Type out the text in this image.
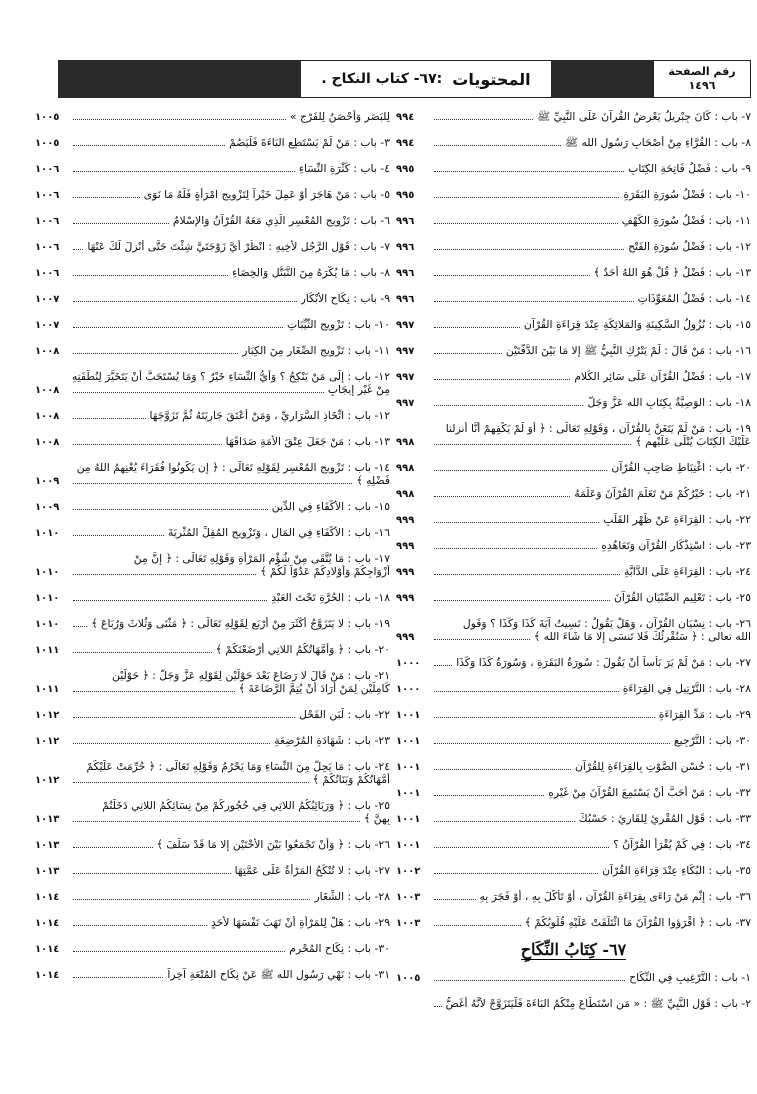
رقم الصفحة
١٤٩٦
المحتويات
:٦٧- كتاب النكاح .
٧- باب : كَانَ جِبْرِيلُ يَعْرِضُ القُرآنَ عَلَى النَّبِيِّ ﷺ
٩٩٤
٨- باب : القُرَّاءِ مِنْ أَصْحَابِ رَسُولِ الله ﷺ
٩٩٤
٩- باب : فَضْلُ فَاتِحَةِ الكِتَابِ
٩٩٥
١٠- باب : فَضْلُ سُورَةِ البَقَرَةِ
٩٩٥
١١- باب : فَضْلُ سُورَةِ الكَهْفِ
٩٩٦
١٢- باب : فَضْلُ سُورَةِ الفَتْحِ
٩٩٦
١٣- باب : فَضْلُ ﴿ قُلْ هُوَ اللهُ أَحَدٌ ﴾
٩٩٦
١٤- باب : فَضْلُ المُعَوِّذَاتِ
٩٩٦
١٥- باب : نُزُولُ السَّكِينَةِ وَالمَلائِكَةِ عِنْدَ قِرَاءَةِ القُرْآنِ
٩٩٧
١٦- باب : مَنْ قَالَ : لَمْ يَتْرُكِ النَّبِيُّ ﷺ إِلا مَا بَيْنَ الدَّفَّتَيْنِ
٩٩٧
١٧- باب : فَضْلُ القُرْآنِ عَلَى سَائِرِ الكَلامِ
٩٩٧
١٨- باب : الوَصِيَّةُ بِكِتَابِ الله عَزَّ وَجَلَّ
٩٩٧
١٩- باب : مَنْ لَمْ يَتَغَنَّ بِالقُرْآنِ ، وَقَوْلِهِ تَعَالَى : ﴿ أَوَ لَمْ يَكْفِهِمْ أَنَّا أَنزلنا
عَلَيْكَ الكِتَابَ يُتْلَى عَلَيْهِم ﴾
٩٩٨
٢٠- باب : اغْتِبَاطِ صَاحِبِ القُرْآنِ
٩٩٨
٢١- باب : خَيْرُكُمْ مَنْ تَعَلَّمَ القُرْآنَ وَعَلَّمَهُ
٩٩٨
٢٢- باب : القِرَاءَةِ عَنْ ظَهْرِ القَلْبِ
٩٩٩
٢٣- باب : اسْتِذْكَارِ القُرْآنِ وَتَعَاهُدِهِ
٩٩٩
٢٤- باب : القِرَاءَةِ عَلَى الدَّابَّةِ
٩٩٩
٢٥- باب : تَعْلِيمِ الصِّبْيَانِ القُرْآنَ
٩٩٩
٢٦- باب : نِسْيَانِ القُرْآنِ ، وَهَلْ يَقُولُ : نَسِيتُ آيَةَ كَذَا وَكَذَا ؟ وَقَولِ
الله تعالى : ﴿ سَنُقْرِئُكَ فَلا تَنسَى إِلا مَا شَاءَ الله ﴾
٩٩٩
٢٧- باب : مَنْ لَمْ يَرَ بَأْساً أَنْ يَقُولَ : سُورَةُ البَقَرَةِ ، وَسُورَةُ كَذَا وَكَذَا
١٠٠٠
٢٨- باب : التَّرْتِيلِ فِي القِرَاءَةِ
١٠٠٠
٢٩- باب : مَدِّ القِرَاءَةِ
١٠٠١
٣٠- باب : التَّرْجِيعِ
١٠٠١
٣١- باب : حُسْنِ الصَّوْتِ بِالقِرَاءَةِ لِلقُرْآنِ
١٠٠١
٣٢- باب : مَنْ أَحَبَّ أَنْ يَسْتَمِعَ القُرْآنَ مِنْ غَيْرِهِ
١٠٠١
٣٣- باب : قَوْلِ المُقْرِئِ لِلقَارِئِ : حَسْبُكَ
١٠٠١
٣٤- باب : فِي كَمْ يُقْرَأُ القُرْآنُ ؟
١٠٠١
٣٥- باب : البُكَاءِ عِنْدَ قِرَاءَةِ القُرْآنِ
١٠٠٢
٣٦- باب : إِثْمِ مَنْ رَاءَى بِقِرَاءَةِ القُرْآنِ ، أَوْ تَأَكَّلَ بِهِ ، أَوْ فَجَرَ بِهِ
١٠٠٣
٣٧- باب : ﴿ اقْرَؤوا القُرْآنَ مَا ائْتَلَفَتْ عَلَيْهِ قُلُوبُكُمْ ﴾
١٠٠٣
٦٧- كِتَابُ النِّكَاحِ
١- باب : التَّرْغِيبِ فِي النِّكَاحِ
١٠٠٥
٢- باب : قَوْلِ النَّبِيِّ ﷺ : « مَنِ اسْتَطَاعَ مِنْكُمُ البَاءَةَ فَلْيَتَزَوَّجْ لأَنَّهُ أَغَضُّ
لِلبَصَرِ وَأَحْصَنُ لِلفَرْجِ »
١٠٠٥
٣- باب : مَنْ لَمْ يَسْتَطِعِ البَاءَةَ فَلْيَصُمْ
١٠٠٥
٤- باب : كَثْرَةِ النِّسَاءِ
١٠٠٦
٥- باب : مَنْ هَاجَرَ أَوْ عَمِلَ خَيْراً لِتَزْوِيجِ امْرَأَةٍ فَلَهُ مَا نَوَى
١٠٠٦
٦- باب : تَزْوِيجِ المُعْسِرِ الَّذِي مَعَهُ القُرْآنُ وَالإِسْلامُ
١٠٠٦
٧- باب : قَوْلِ الرَّجُلِ لأَخِيهِ : انْظُرْ أَيَّ زَوْجَتَيَّ شِئْتَ حَتَّى أَنْزِلَ لَكَ عَنْهَا
١٠٠٦
٨- باب : مَا يُكْرَهُ مِنَ التَّبَتُّلِ وَالخِصَاءِ
١٠٠٦
٩- باب : نِكَاحِ الأَبْكَارِ
١٠٠٧
١٠- باب : تَزْوِيجِ الثَّيِّبَاتِ
١٠٠٧
١١- باب : تَزْوِيجِ الصِّغَارِ مِنَ الكِبَارِ
١٠٠٨
١٢- باب : إِلَى مَنْ يَنْكِحُ ؟ وَأَيُّ النِّسَاءِ خَيْرٌ ؟ وَمَا يُسْتَحَبُّ أَنْ يَتَخَيَّرَ لِنُطْفَتِهِ
مِنْ غَيْرِ إِيجَابٍ
١٠٠٨
١٢- باب : اتِّخَاذِ السَّرَارِيِّ ، وَمَنْ أَعْتَقَ جَارِيَتَهُ ثُمَّ تَزَوَّجَهَا
١٠٠٨
١٣- باب : مَنْ جَعَلَ عِتْقَ الأَمَةِ صَدَاقَهَا
١٠٠٨
١٤- باب : تَزْوِيجِ المُعْسِرِ لِقَوْلِهِ تَعَالَى : ﴿ إِن يَكُونُوا فُقَرَاءَ يُغْنِهِمُ اللهُ مِن
فَضْلِهِ ﴾
١٠٠٩
١٥- باب : الأَكْفَاءِ فِي الدِّينِ
١٠٠٩
١٦- باب : الأَكْفَاءِ فِي المَالِ ، وَتَزْوِيجِ المُقِلِّ المُثْرِيَةَ
١٠١٠
١٧- باب : مَا يُتَّقَى مِنْ شُؤْمِ المَرْأَةِ وَقَوْلِهِ تَعَالَى : ﴿ إِنَّ مِنْ
أَزْوَاجِكُمْ وَأَوْلادِكُمْ عَدُوّاً لَكُمْ ﴾
١٠١٠
١٨- باب : الحُرَّةِ تَحْتَ العَبْدِ
١٠١٠
١٩- باب : لا يَتَزَوَّجُ أَكْثَرَ مِنْ أَرْبَعٍ لِقَوْلِهِ تَعَالَى : ﴿ مَثْنَى وَثُلاثَ وَرُبَاعَ ﴾
١٠١٠
٢٠- باب : ﴿ وَأُمَّهَاتُكُمُ اللاتِي أَرْضَعْنَكُمْ ﴾
١٠١١
٢١- باب : مَنْ قَالَ لا رَضَاعَ بَعْدَ حَوْلَيْنِ لِقَوْلِهِ عَزَّ وَجَلَّ : ﴿ حَوْلَيْنِ
كَامِلَيْنِ لِمَنْ أَرَادَ أَنْ يُتِمَّ الرَّضَاعَةَ ﴾
١٠١١
٢٢- باب : لَبَنِ الفَحْلِ
١٠١٢
٢٣- باب : شَهَادَةِ المُرْضِعَةِ
١٠١٢
٢٤- باب : مَا يَحِلُّ مِنَ النِّسَاءِ وَمَا يَحْرُمُ وَقَوْلِهِ تَعَالَى : ﴿ حُرِّمَتْ عَلَيْكُمْ
أُمَّهَاتُكُمْ وَبَنَاتُكُمْ ﴾
١٠١٢
٢٥- باب : ﴿ وَرَبَائِبُكُمُ اللاتِي فِي حُجُورِكُمْ مِنْ نِسَائِكُمُ اللاتِي دَخَلْتُمْ
بِهِنَّ ﴾
١٠١٣
٢٦- باب : ﴿ وَأَنْ تَجْمَعُوا بَيْنَ الأُخْتَيْنِ إِلا مَا قَدْ سَلَفَ ﴾
١٠١٣
٢٧- باب : لا تُنْكَحُ المَرْأَةُ عَلَى عَمَّتِهَا
١٠١٣
٢٨- باب : الشِّغَارِ
١٠١٤
٢٩- باب : هَلْ لِلمَرْأَةِ أَنْ تَهَبَ نَفْسَهَا لأَحَدٍ
١٠١٤
٣٠- باب : نِكَاحِ المُحْرِمِ
١٠١٤
٣١- باب : نَهْيِ رَسُولِ الله ﷺ عَنْ نِكَاحِ المُتْعَةِ آخِراً
١٠١٤
